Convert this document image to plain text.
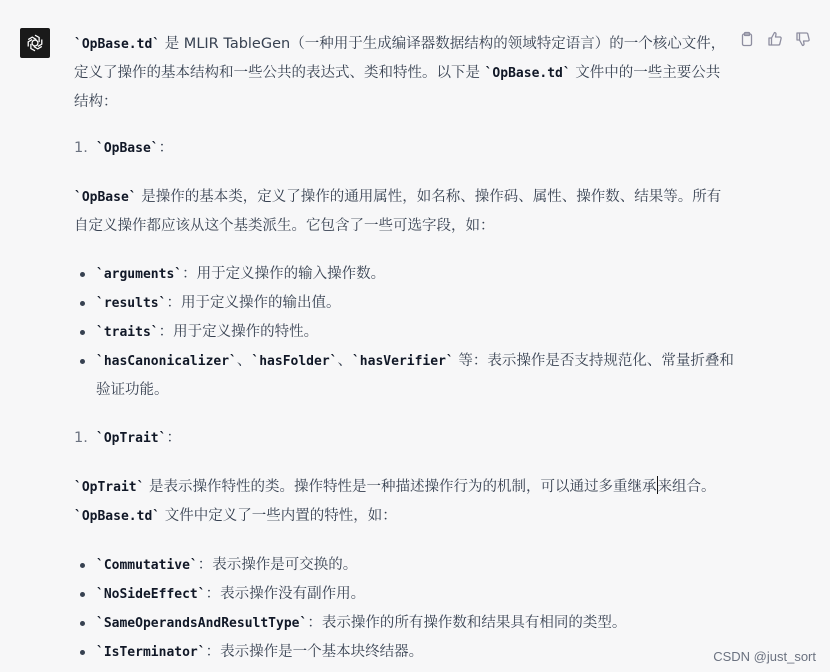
`OpBase.td` 是 MLIR TableGen（一种用于生成编译器数据结构的领域特定语言）的一个核心文件，定义了操作的基本结构和一些公共的表达式、类和特性。以下是 `OpBase.td` 文件中的一些主要公共结构：

1. `OpBase`：

`OpBase` 是操作的基本类，定义了操作的通用属性，如名称、操作码、属性、操作数、结果等。所有自定义操作都应该从这个基类派生。它包含了一些可选字段，如：

`arguments`：用于定义操作的输入操作数。
`results`：用于定义操作的输出值。
`traits`：用于定义操作的特性。
`hasCanonicalizer`、`hasFolder`、`hasVerifier` 等：表示操作是否支持规范化、常量折叠和验证功能。

1. `OpTrait`：

`OpTrait` 是表示操作特性的类。操作特性是一种描述操作行为的机制，可以通过多重继承来组合。`OpBase.td` 文件中定义了一些内置的特性，如：

`Commutative`：表示操作是可交换的。
`NoSideEffect`：表示操作没有副作用。
`SameOperandsAndResultType`：表示操作的所有操作数和结果具有相同的类型。
`IsTerminator`：表示操作是一个基本块终结器。	CSDN @just_sort
